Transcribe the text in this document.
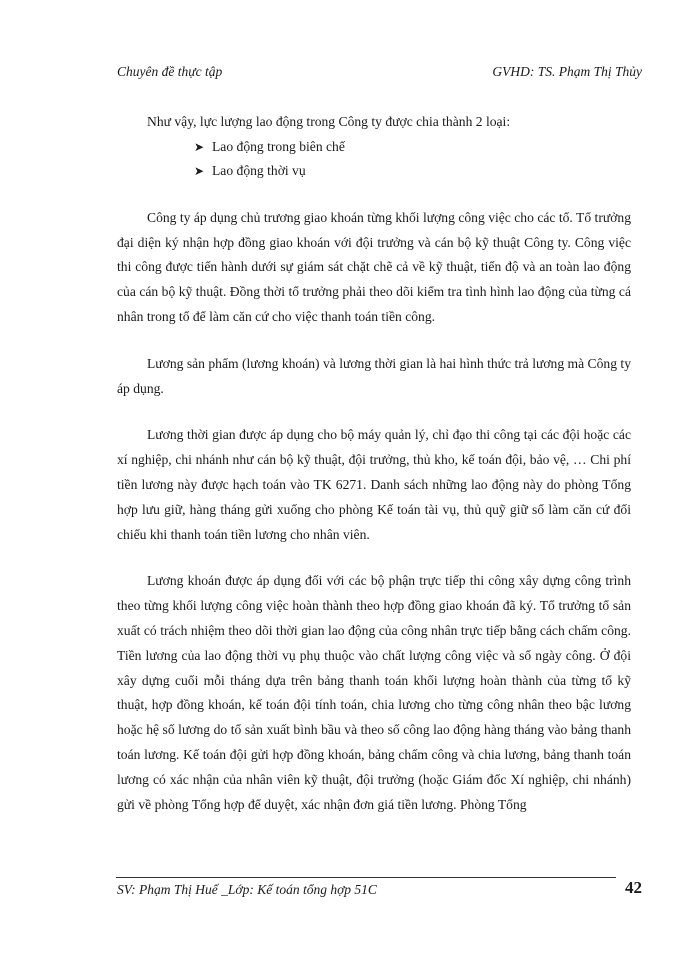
Chuyên đề thực tập	GVHD: TS. Phạm Thị Thủy

Như vậy, lực lượng lao động trong Công ty được chia thành 2 loại:

➤ Lao động trong biên chế
➤ Lao động thời vụ

Công ty áp dụng chủ trương giao khoán từng khối lượng công việc cho các tổ. Tổ trưởng đại diện ký nhận hợp đồng giao khoán với đội trưởng và cán bộ kỹ thuật Công ty. Công việc thi công được tiến hành dưới sự giám sát chặt chẽ cả về kỹ thuật, tiến độ và an toàn lao động của cán bộ kỹ thuật. Đồng thời tổ trưởng phải theo dõi kiểm tra tình hình lao động của từng cá nhân trong tổ để làm căn cứ cho việc thanh toán tiền công.

Lương sản phẩm (lương khoán) và lương thời gian là hai hình thức trả lương mà Công ty áp dụng.

Lương thời gian được áp dụng cho bộ máy quản lý, chỉ đạo thi công tại các đội hoặc các xí nghiệp, chi nhánh như cán bộ kỹ thuật, đội trưởng, thủ kho, kế toán đội, bảo vệ, … Chi phí tiền lương này được hạch toán vào TK 6271. Danh sách những lao động này do phòng Tổng hợp lưu giữ, hàng tháng gửi xuống cho phòng Kế toán tài vụ, thủ quỹ giữ sổ làm căn cứ đối chiếu khi thanh toán tiền lương cho nhân viên.

Lương khoán được áp dụng đối với các bộ phận trực tiếp thi công xây dựng công trình theo từng khối lượng công việc hoàn thành theo hợp đồng giao khoán đã ký. Tổ trưởng tổ sản xuất có trách nhiệm theo dõi thời gian lao động của công nhân trực tiếp bằng cách chấm công. Tiền lương của lao động thời vụ phụ thuộc vào chất lượng công việc và số ngày công. Ở đội xây dựng cuối mỗi tháng dựa trên bảng thanh toán khối lượng hoàn thành của từng tổ kỹ thuật, hợp đồng khoán, kế toán đội tính toán, chia lương cho từng công nhân theo bậc lương hoặc hệ số lương do tổ sản xuất bình bầu và theo số công lao động hàng tháng vào bảng thanh toán lương. Kế toán đội gửi hợp đồng khoán, bảng chấm công và chia lương, bảng thanh toán lương có xác nhận của nhân viên kỹ thuật, đội trưởng (hoặc Giám đốc Xí nghiệp, chi nhánh) gửi về phòng Tổng hợp để duyệt, xác nhận đơn giá tiền lương. Phòng Tổng

SV: Phạm Thị Huế _Lớp: Kế toán tổng hợp 51C	42
